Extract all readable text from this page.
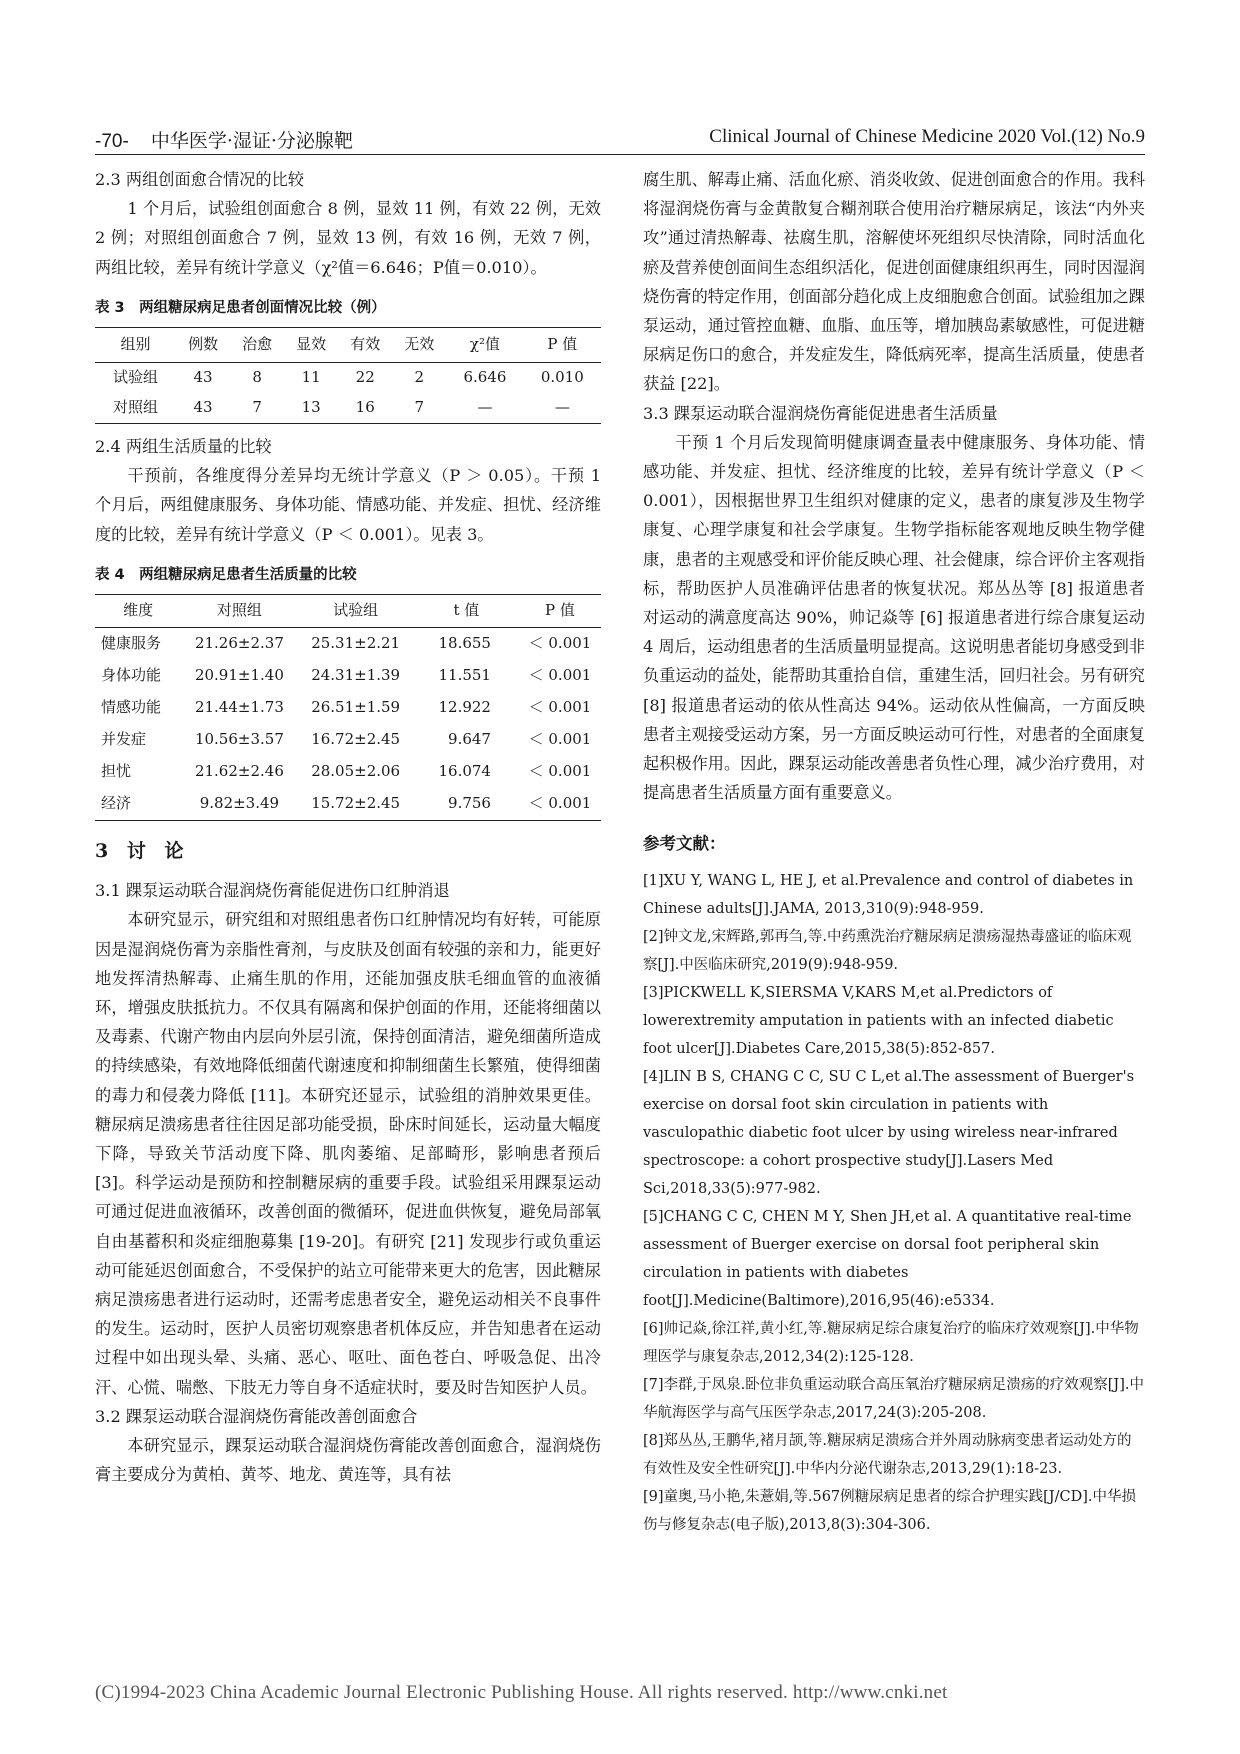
-70- 中华医学·湿证·分泌腺靶	Clinical Journal of Chinese Medicine 2020 Vol.(12) No.9

2.3 两组创面愈合情况的比较

1 个月后，试验组创面愈合 8 例，显效 11 例，有效 22 例，无效 2 例；对照组创面愈合 7 例，显效 13 例，有效 16 例，无效 7 例，两组比较，差异有统计学意义（χ²值＝6.646；P值＝0.010）。

表 3　两组糖尿病足患者创面情况比较（例）

组别	例数	治愈	显效	有效	无效	χ²值	P 值
试验组	43	8	11	22	2	6.646	0.010
对照组	43	7	13	16	7	—	—

2.4 两组生活质量的比较

干预前，各维度得分差异均无统计学意义（P ＞ 0.05）。干预 1 个月后，两组健康服务、身体功能、情感功能、并发症、担忧、经济维度的比较，差异有统计学意义（P ＜ 0.001）。见表 3。

表 4　两组糖尿病足患者生活质量的比较

维度	对照组	试验组	t 值	P 值
健康服务	21.26±2.37	25.31±2.21	18.655	＜ 0.001
身体功能	20.91±1.40	24.31±1.39	11.551	＜ 0.001
情感功能	21.44±1.73	26.51±1.59	12.922	＜ 0.001
并发症	10.56±3.57	16.72±2.45	9.647	＜ 0.001
担忧	21.62±2.46	28.05±2.06	16.074	＜ 0.001
经济	9.82±3.49	15.72±2.45	9.756	＜ 0.001

3 讨 论

3.1 踝泵运动联合湿润烧伤膏能促进伤口红肿消退

本研究显示，研究组和对照组患者伤口红肿情况均有好转，可能原因是湿润烧伤膏为亲脂性膏剂，与皮肤及创面有较强的亲和力，能更好地发挥清热解毒、止痛生肌的作用，还能加强皮肤毛细血管的血液循环，增强皮肤抵抗力。不仅具有隔离和保护创面的作用，还能将细菌以及毒素、代谢产物由内层向外层引流，保持创面清洁，避免细菌所造成的持续感染，有效地降低细菌代谢速度和抑制细菌生长繁殖，使得细菌的毒力和侵袭力降低 [11]。本研究还显示，试验组的消肿效果更佳。糖尿病足溃疡患者往往因足部功能受损，卧床时间延长，运动量大幅度下降，导致关节活动度下降、肌肉萎缩、足部畸形，影响患者预后 [3]。科学运动是预防和控制糖尿病的重要手段。试验组采用踝泵运动可通过促进血液循环，改善创面的微循环，促进血供恢复，避免局部氧自由基蓄积和炎症细胞募集 [19-20]。有研究 [21] 发现步行或负重运动可能延迟创面愈合，不受保护的站立可能带来更大的危害，因此糖尿病足溃疡患者进行运动时，还需考虑患者安全，避免运动相关不良事件的发生。运动时，医护人员密切观察患者机体反应，并告知患者在运动过程中如出现头晕、头痛、恶心、呕吐、面色苍白、呼吸急促、出冷汗、心慌、喘憋、下肢无力等自身不适症状时，要及时告知医护人员。

3.2 踝泵运动联合湿润烧伤膏能改善创面愈合

本研究显示，踝泵运动联合湿润烧伤膏能改善创面愈合，湿润烧伤膏主要成分为黄柏、黄芩、地龙、黄连等，具有祛

腐生肌、解毒止痛、活血化瘀、消炎收敛、促进创面愈合的作用。我科将湿润烧伤膏与金黄散复合糊剂联合使用治疗糖尿病足，该法“内外夹攻”通过清热解毒、祛腐生肌，溶解使坏死组织尽快清除，同时活血化瘀及营养使创面间生态组织活化，促进创面健康组织再生，同时因湿润烧伤膏的特定作用，创面部分趋化成上皮细胞愈合创面。试验组加之踝泵运动，通过管控血糖、血脂、血压等，增加胰岛素敏感性，可促进糖尿病足伤口的愈合，并发症发生，降低病死率，提高生活质量，使患者获益 [22]。

3.3 踝泵运动联合湿润烧伤膏能促进患者生活质量

干预 1 个月后发现简明健康调查量表中健康服务、身体功能、情感功能、并发症、担忧、经济维度的比较，差异有统计学意义（P ＜ 0.001），因根据世界卫生组织对健康的定义，患者的康复涉及生物学康复、心理学康复和社会学康复。生物学指标能客观地反映生物学健康，患者的主观感受和评价能反映心理、社会健康，综合评价主客观指标，帮助医护人员准确评估患者的恢复状况。郑丛丛等 [8] 报道患者对运动的满意度高达 90%，帅记焱等 [6] 报道患者进行综合康复运动 4 周后，运动组患者的生活质量明显提高。这说明患者能切身感受到非负重运动的益处，能帮助其重拾自信，重建生活，回归社会。另有研究 [8] 报道患者运动的依从性高达 94%。运动依从性偏高，一方面反映患者主观接受运动方案，另一方面反映运动可行性，对患者的全面康复起积极作用。因此，踝泵运动能改善患者负性心理，减少治疗费用，对提高患者生活质量方面有重要意义。

参考文献：

[1]XU Y, WANG L, HE J, et al.Prevalence and control of diabetes in Chinese adults[J].JAMA, 2013,310(9):948-959.

[2]钟文龙,宋辉路,郭再刍,等.中药熏洗治疗糖尿病足溃疡湿热毒盛证的临床观察[J].中医临床研究,2019(9):948-959.

[3]PICKWELL K,SIERSMA V,KARS M,et al.Predictors of lowerextremity amputation in patients with an infected diabetic foot ulcer[J].Diabetes Care,2015,38(5):852-857.

[4]LIN B S, CHANG C C, SU C L,et al.The assessment of Buerger's exercise on dorsal foot skin circulation in patients with vasculopathic diabetic foot ulcer by using wireless near-infrared spectroscope: a cohort prospective study[J].Lasers Med Sci,2018,33(5):977-982.

[5]CHANG C C, CHEN M Y, Shen JH,et al. A quantitative real-time assessment of Buerger exercise on dorsal foot peripheral skin circulation in patients with diabetes foot[J].Medicine(Baltimore),2016,95(46):e5334.

[6]帅记焱,徐江祥,黄小红,等.糖尿病足综合康复治疗的临床疗效观察[J].中华物理医学与康复杂志,2012,34(2):125-128.

[7]李群,于凤泉.卧位非负重运动联合高压氧治疗糖尿病足溃疡的疗效观察[J].中华航海医学与高气压医学杂志,2017,24(3):205-208.

[8]郑丛丛,王鹏华,褚月颉,等.糖尿病足溃疡合并外周动脉病变患者运动处方的有效性及安全性研究[J].中华内分泌代谢杂志,2013,29(1):18-23.

[9]童奥,马小艳,朱薏娟,等.567例糖尿病足患者的综合护理实践[J/CD].中华损伤与修复杂志(电子版),2013,8(3):304-306.

(C)1994-2023 China Academic Journal Electronic Publishing House. All rights reserved. http://www.cnki.net
